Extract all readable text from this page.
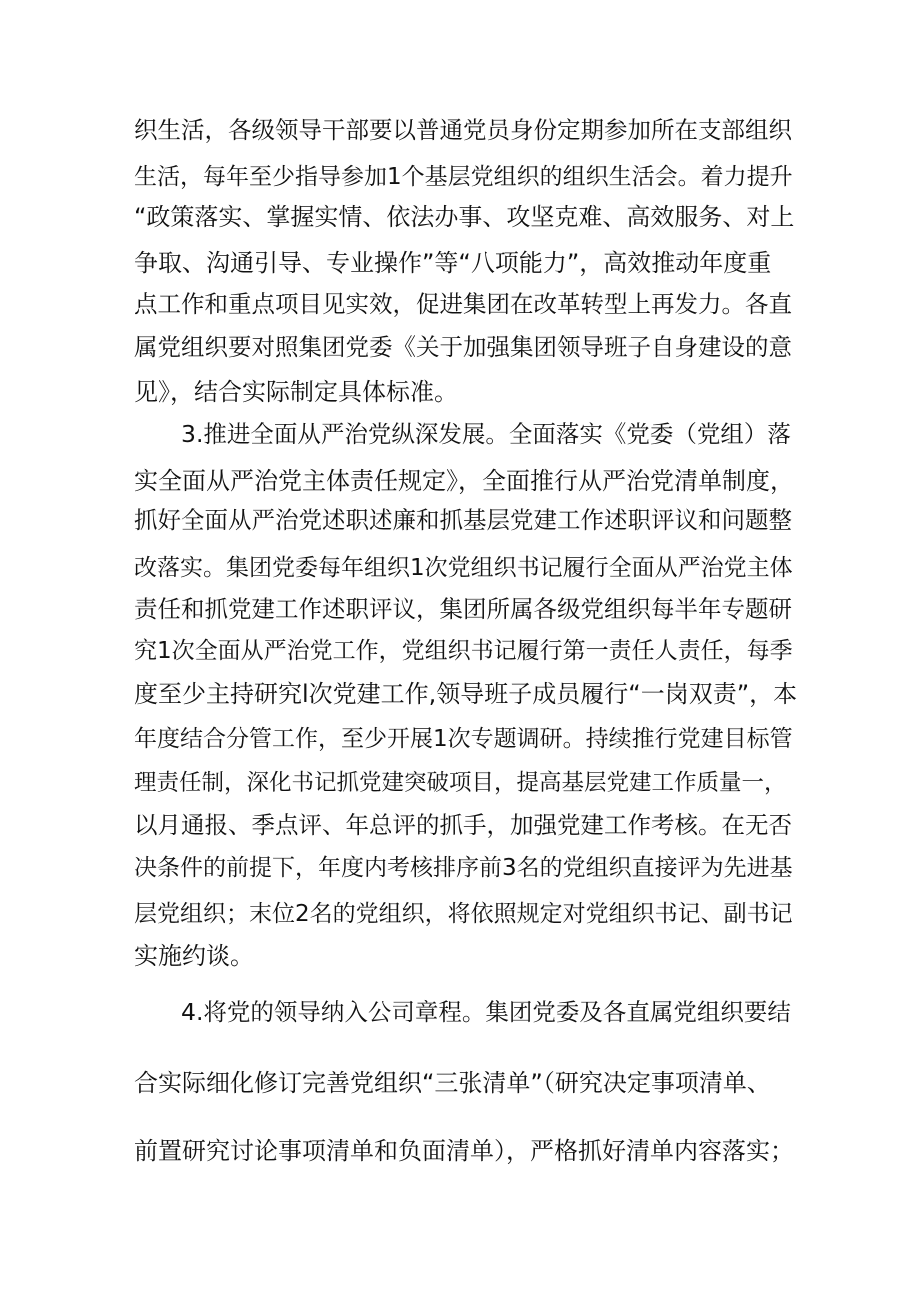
织生活，各级领导干部要以普通党员身份定期参加所在支部组织
生活，每年至少指导参加1个基层党组织的组织生活会。着力提升
“政策落实、掌握实情、依法办事、攻坚克难、高效服务、对上
争取、沟通引导、专业操作”等“八项能力”，高效推动年度重
点工作和重点项目见实效，促进集团在改革转型上再发力。各直
属党组织要对照集团党委《关于加强集团领导班子自身建设的意
见》，结合实际制定具体标准。
3.推进全面从严治党纵深发展。全面落实《党委（党组）落
实全面从严治党主体责任规定》，全面推行从严治党清单制度，
抓好全面从严治党述职述廉和抓基层党建工作述职评议和问题整
改落实。集团党委每年组织1次党组织书记履行全面从严治党主体
责任和抓党建工作述职评议，集团所属各级党组织每半年专题研
究1次全面从严治党工作，党组织书记履行第一责任人责任，每季
度至少主持研究l次党建工作,领导班子成员履行“一岗双责”，本
年度结合分管工作，至少开展1次专题调研。持续推行党建目标管
理责任制，深化书记抓党建突破项目，提高基层党建工作质量一，
以月通报、季点评、年总评的抓手，加强党建工作考核。在无否
决条件的前提下，年度内考核排序前3名的党组织直接评为先进基
层党组织；末位2名的党组织，将依照规定对党组织书记、副书记
实施约谈。
4.将党的领导纳入公司章程。集团党委及各直属党组织要结
合实际细化修订完善党组织“三张清单”（研究决定事项清单、
前置研究讨论事项清单和负面清单），严格抓好清单内容落实；
